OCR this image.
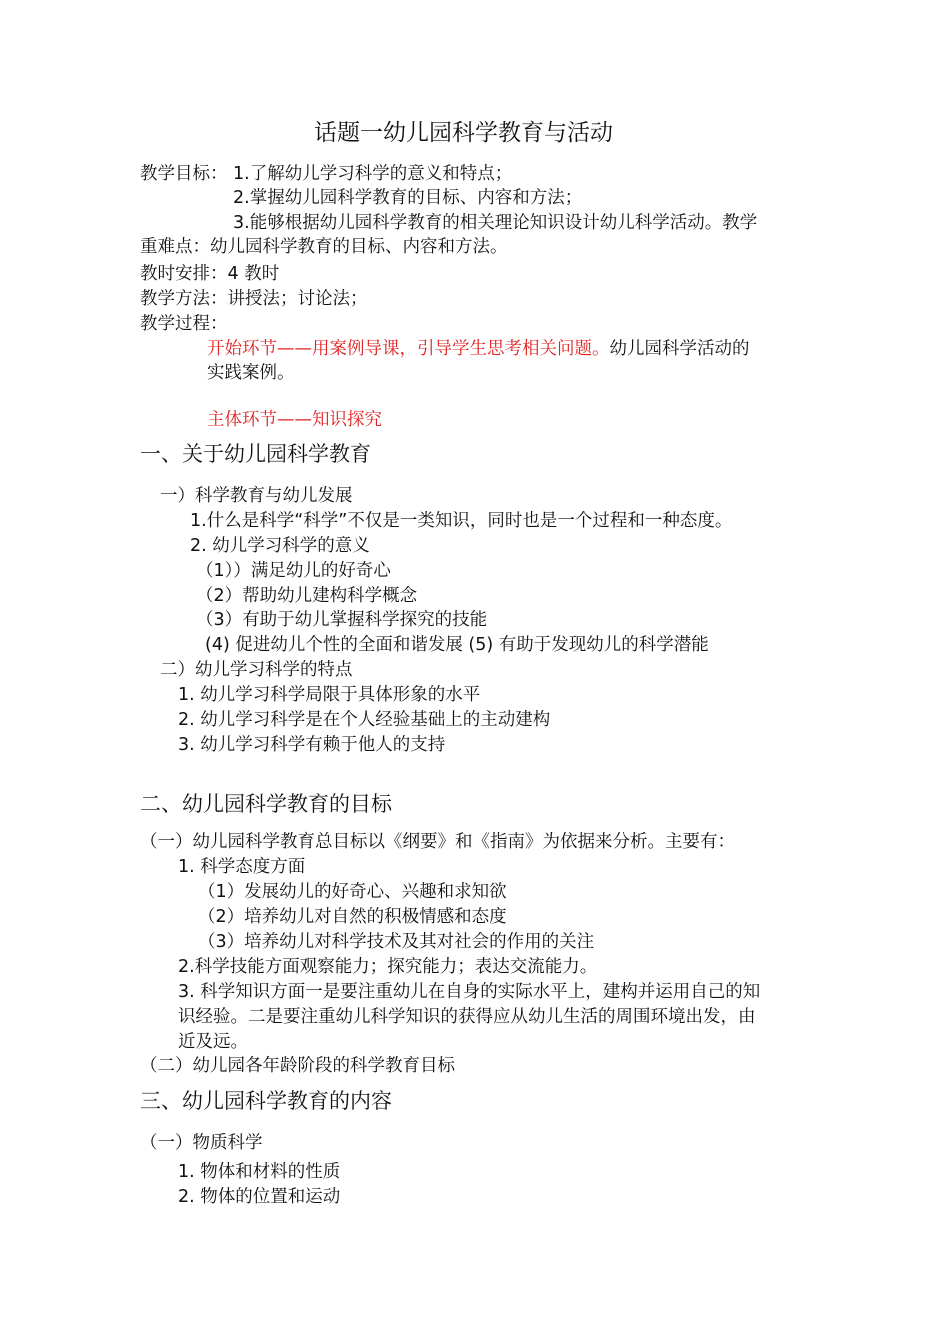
话题一幼儿园科学教育与活动
教学目标： 1.了解幼儿学习科学的意义和特点；
2.掌握幼儿园科学教育的目标、内容和方法；
3.能够根据幼儿园科学教育的相关理论知识设计幼儿科学活动。教学
重难点：幼儿园科学教育的目标、内容和方法。
教时安排：4 教时
教学方法：讲授法；讨论法；
教学过程：
开始环节——用案例导课，引导学生思考相关问题。幼儿园科学活动的
实践案例。
主体环节——知识探究
一、关于幼儿园科学教育
一）科学教育与幼儿发展
1.什么是科学“科学”不仅是一类知识，同时也是一个过程和一种态度。
2. 幼儿学习科学的意义
（1））满足幼儿的好奇心
（2）帮助幼儿建构科学概念
（3）有助于幼儿掌握科学探究的技能
(4) 促进幼儿个性的全面和谐发展 (5) 有助于发现幼儿的科学潜能
二）幼儿学习科学的特点
1. 幼儿学习科学局限于具体形象的水平
2. 幼儿学习科学是在个人经验基础上的主动建构
3. 幼儿学习科学有赖于他人的支持
二、幼儿园科学教育的目标
（一）幼儿园科学教育总目标以《纲要》和《指南》为依据来分析。主要有：
1. 科学态度方面
（1）发展幼儿的好奇心、兴趣和求知欲
（2）培养幼儿对自然的积极情感和态度
（3）培养幼儿对科学技术及其对社会的作用的关注
2.科学技能方面观察能力；探究能力；表达交流能力。
3. 科学知识方面一是要注重幼儿在自身的实际水平上，建构并运用自己的知
识经验。二是要注重幼儿科学知识的获得应从幼儿生活的周围环境出发，由
近及远。
（二）幼儿园各年龄阶段的科学教育目标
三、幼儿园科学教育的内容
（一）物质科学
1. 物体和材料的性质
2. 物体的位置和运动
